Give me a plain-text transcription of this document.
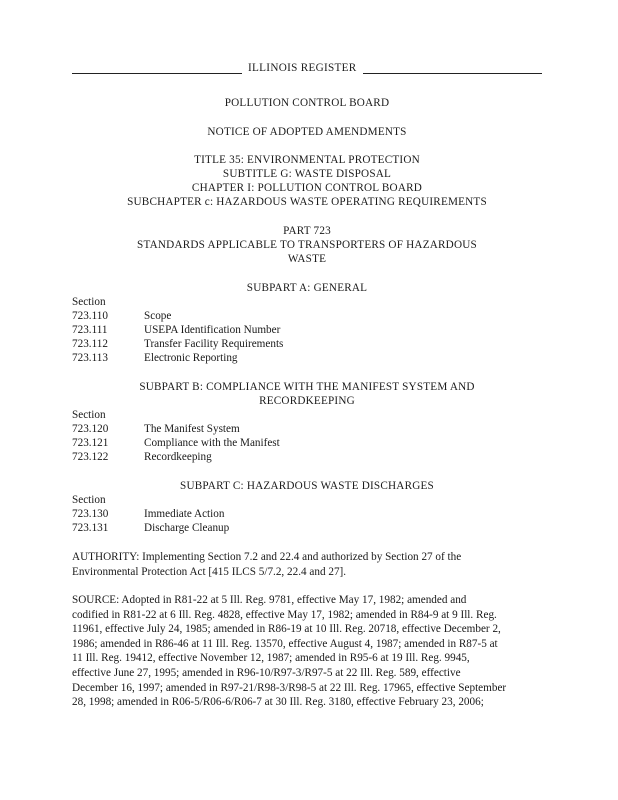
ILLINOIS REGISTER
POLLUTION CONTROL BOARD
NOTICE OF ADOPTED AMENDMENTS
TITLE 35: ENVIRONMENTAL PROTECTION
SUBTITLE G: WASTE DISPOSAL
CHAPTER I: POLLUTION CONTROL BOARD
SUBCHAPTER c: HAZARDOUS WASTE OPERATING REQUIREMENTS
PART 723
STANDARDS APPLICABLE TO TRANSPORTERS OF HAZARDOUS
WASTE
SUBPART A: GENERAL
Section
723.110	Scope
723.111	USEPA Identification Number
723.112	Transfer Facility Requirements
723.113	Electronic Reporting
SUBPART B: COMPLIANCE WITH THE MANIFEST SYSTEM AND
RECORDKEEPING
Section
723.120	The Manifest System
723.121	Compliance with the Manifest
723.122	Recordkeeping
SUBPART C: HAZARDOUS WASTE DISCHARGES
Section
723.130	Immediate Action
723.131	Discharge Cleanup
AUTHORITY: Implementing Section 7.2 and 22.4 and authorized by Section 27 of the
Environmental Protection Act [415 ILCS 5/7.2, 22.4 and 27].
SOURCE: Adopted in R81-22 at 5 Ill. Reg. 9781, effective May 17, 1982; amended and
codified in R81-22 at 6 Ill. Reg. 4828, effective May 17, 1982; amended in R84-9 at 9 Ill. Reg.
11961, effective July 24, 1985; amended in R86-19 at 10 Ill. Reg. 20718, effective December 2,
1986; amended in R86-46 at 11 Ill. Reg. 13570, effective August 4, 1987; amended in R87-5 at
11 Ill. Reg. 19412, effective November 12, 1987; amended in R95-6 at 19 Ill. Reg. 9945,
effective June 27, 1995; amended in R96-10/R97-3/R97-5 at 22 Ill. Reg. 589, effective
December 16, 1997; amended in R97-21/R98-3/R98-5 at 22 Ill. Reg. 17965, effective September
28, 1998; amended in R06-5/R06-6/R06-7 at 30 Ill. Reg. 3180, effective February 23, 2006;
